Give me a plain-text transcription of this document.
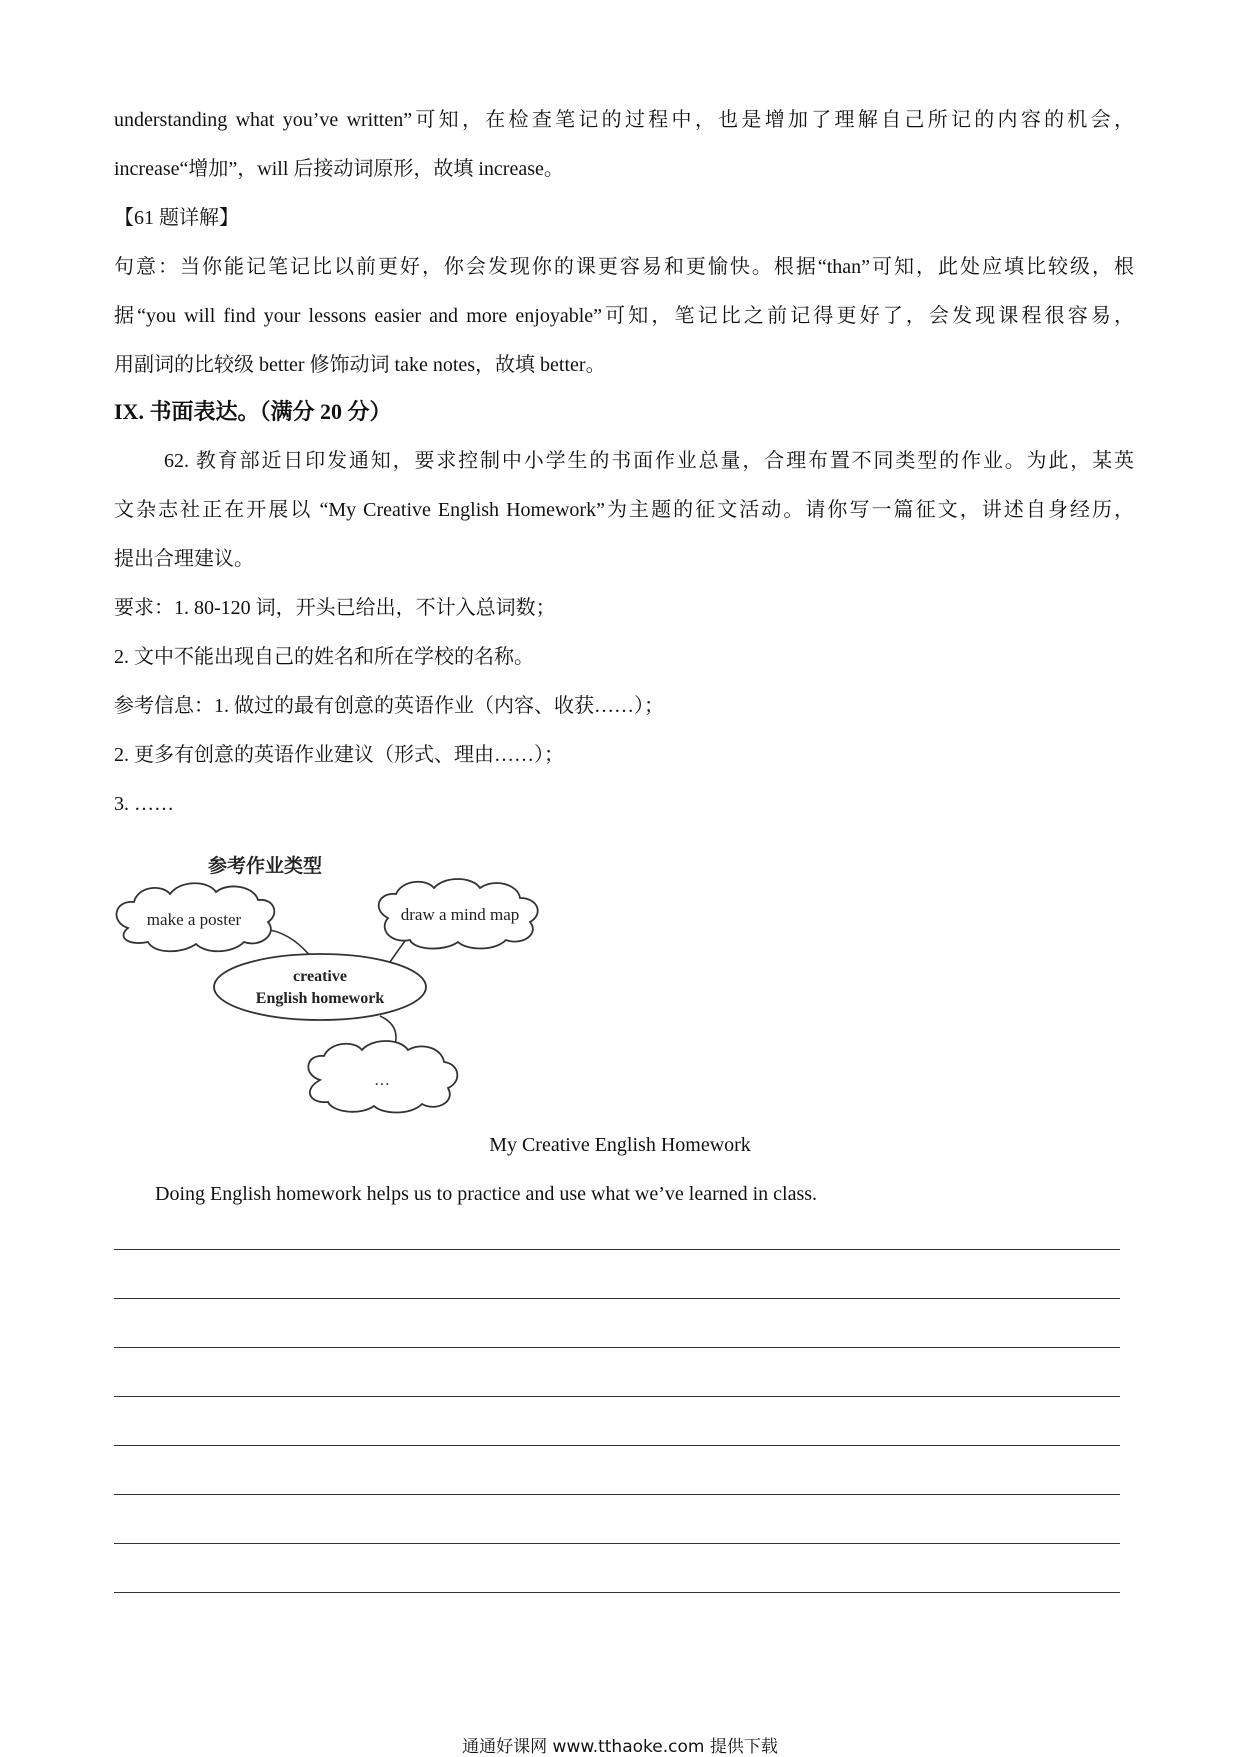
understanding what you’ve written”可知，在检查笔记的过程中，也是增加了理解自己所记的内容的机会，
increase“增加”，will 后接动词原形，故填 increase。
【61 题详解】
句意：当你能记笔记比以前更好，你会发现你的课更容易和更愉快。根据“than”可知，此处应填比较级，根
据“you will find your lessons easier and more enjoyable”可知，笔记比之前记得更好了，会发现课程很容易，
用副词的比较级 better 修饰动词 take notes，故填 better。
IX. 书面表达。（满分 20 分）
62. 教育部近日印发通知，要求控制中小学生的书面作业总量，合理布置不同类型的作业。为此，某英
文杂志社正在开展以 “My Creative English Homework”为主题的征文活动。请你写一篇征文，讲述自身经历，
提出合理建议。
要求：1. 80-120 词，开头已给出，不计入总词数；
2. 文中不能出现自己的姓名和所在学校的名称。
参考信息：1. 做过的最有创意的英语作业（内容、收获……）；
2. 更多有创意的英语作业建议（形式、理由……）；
3. ……
参考作业类型
make a poster	draw a mind map
creative
English homework
…
My Creative English Homework
Doing English homework helps us to practice and use what we’ve learned in class.
通通好课网 www.tthaoke.com 提供下载
